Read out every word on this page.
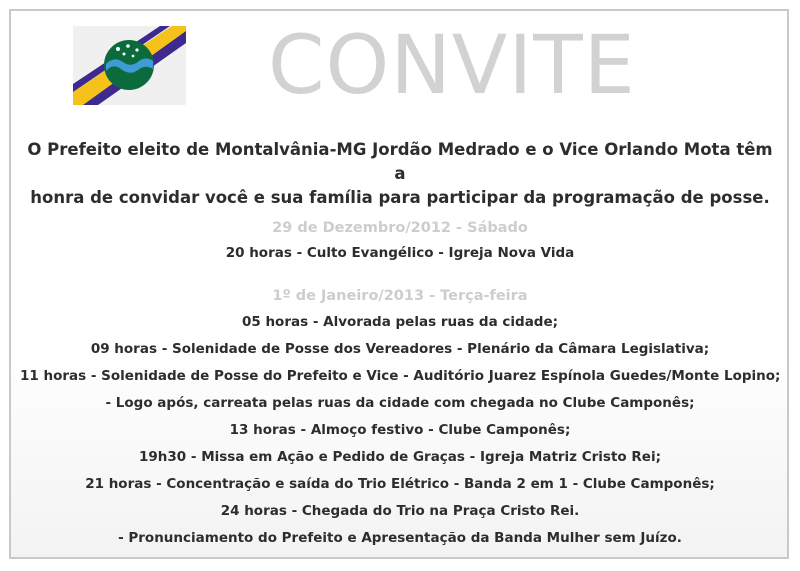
CONVITE
O Prefeito eleito de Montalvânia-MG Jordão Medrado e o Vice Orlando Mota têm a
honra de convidar você e sua família para participar da programação de posse.
29 de Dezembro/2012 - Sábado
20 horas - Culto Evangélico - Igreja Nova Vida
1º de Janeiro/2013 - Terça-feira
05 horas - Alvorada pelas ruas da cidade;
09 horas - Solenidade de Posse dos Vereadores - Plenário da Câmara Legislativa;
11 horas - Solenidade de Posse do Prefeito e Vice - Auditório Juarez Espínola Guedes/Monte Lopino;
- Logo após, carreata pelas ruas da cidade com chegada no Clube Camponês;
13 horas - Almoço festivo - Clube Camponês;
19h30 - Missa em Ação e Pedido de Graças - Igreja Matriz Cristo Rei;
21 horas - Concentração e saída do Trio Elétrico - Banda 2 em 1 - Clube Camponês;
24 horas - Chegada do Trio na Praça Cristo Rei.
- Pronunciamento do Prefeito e Apresentação da Banda Mulher sem Juízo.
